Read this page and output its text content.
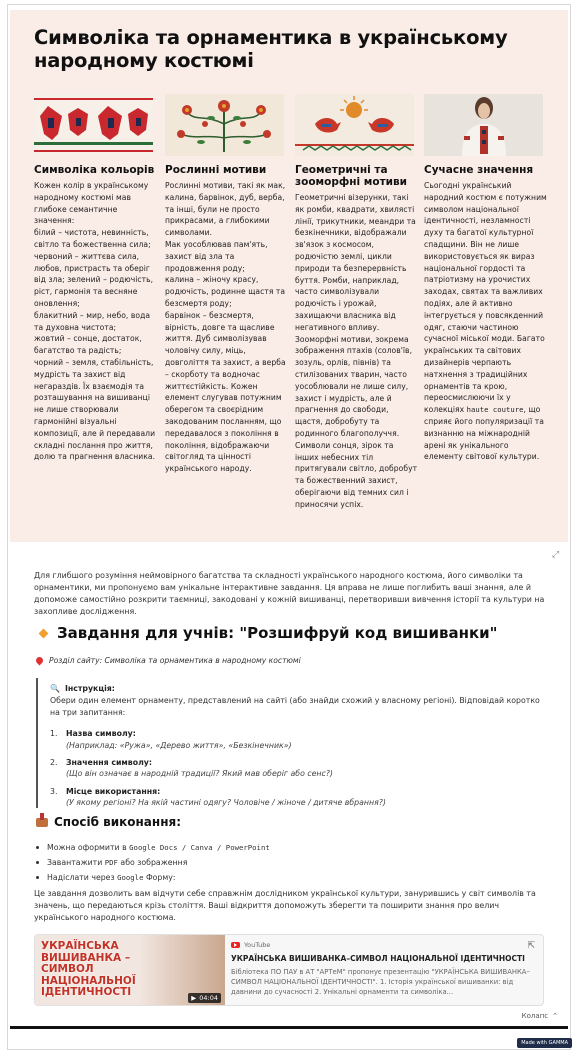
Символіка та орнаментика в українському народному костюмі
Символіка кольорів

Кожен колір в українському народному костюмі мав глибоке семантичне значення:
білий – чистота, невинність, світло та божественна сила;
червоний – життєва сила, любов, пристрасть та оберіг від зла; зелений – родючість, ріст, гармонія та весняне оновлення;
блакитний – мир, небо, вода та духовна чистота;
жовтий – сонце, достаток, багатство та радість;
чорний – земля, стабільність, мудрість та захист від негараздів. Їх взаємодія та розташування на вишиванці не лише створювали гармонійні візуальні композиції, але й передавали складні послання про життя, долю та прагнення власника.

Рослинні мотиви

Рослинні мотиви, такі як мак, калина, барвінок, дуб, верба, та інші, були не просто прикрасами, а глибокими символами.
Мак уособлював пам'ять, захист від зла та продовження роду;
калина – жіночу красу, родючість, родинне щастя та безсмертя роду;
барвінок – безсмертя, вірність, довге та щасливе життя. Дуб символізував чоловічу силу, міць, довголіття та захист, а верба – скорботу та водночас життєстійкість. Кожен елемент слугував потужним оберегом та своєрідним закодованим посланням, що передавалося з покоління в покоління, відображаючи світогляд та цінності українського народу.

Геометричні та зооморфні мотиви

Геометричні візерунки, такі як ромби, квадрати, хвилясті лінії, трикутники, меандри та безкінечники, відображали зв'язок з космосом, родючістю землі, цикли природи та безперервність буття. Ромби, наприклад, часто символізували родючість і урожай, захищаючи власника від негативного впливу. Зооморфні мотиви, зокрема зображення птахів (солов'їв, зозуль, орлів, півнів) та стилізованих тварин, часто уособлювали не лише силу, захист і мудрість, але й прагнення до свободи, щастя, добробуту та родинного благополуччя. Символи сонця, зірок та інших небесних тіл притягували світло, добробут та божественний захист, оберігаючи від темних сил і приносячи успіх.

Сучасне значення

Сьогодні український народний костюм є потужним символом національної ідентичності, незламності духу та багатої культурної спадщини. Він не лише використовується як вираз національної гордості та патріотизму на урочистих заходах, святах та важливих подіях, але й активно інтегрується у повсякденний одяг, стаючи частиною сучасної міської моди. Багато українських та світових дизайнерів черпають натхнення з традиційних орнаментів та крою, переосмислюючи їх у колекціях haute couture, що сприяє його популяризації та визнанню на міжнародній арені як унікального елементу світової культури.

⤢
Для глибшого розуміння неймовірного багатства та складності українського народного костюма, його символіки та орнаментики, ми пропонуємо вам унікальне інтерактивне завдання. Ця вправа не лише поглибить ваші знання, але й допоможе самостійно розкрити таємниці, закодовані у кожній вишиванці, перетворивши вивчення історії та культури на захопливе дослідження.
Завдання для учнів: "Розшифруй код вишиванки"
Розділ сайту: Символіка та орнаментика в народному костюмі
🔍 Інструкція:
Обери один елемент орнаменту, представлений на сайті (або знайди схожий у власному регіоні). Відповідай коротко на три запитання:
1.	Назва символу:
(Наприклад: «Ружа», «Дерево життя», «Безкінечник»)
2.	Значення символу:
(Що він означає в народній традиції? Який мав оберіг або сенс?)
3.	Місце використання:
(У якому регіоні? На якій частині одягу? Чоловіче / жіноче / дитяче вбрання?)
Спосіб виконання:
Можна оформити в Google Docs / Canva / PowerPoint
Завантажити PDF або зображення
Надіслати через Google Форму:
Це завдання дозволить вам відчути себе справжнім дослідником української культури, занурившись у світ символів та значень, що передаються крізь століття. Ваші відкриття допоможуть зберегти та поширити знання про велич українського народного костюма.
УКРАЇНСЬКА ВИШИВАНКА – СИМВОЛ НАЦІОНАЛЬНОЇ ІДЕНТИЧНОСТІ	▶ 04:04
YouTube
УКРАЇНСЬКА ВИШИВАНКА–СИМВОЛ НАЦІОНАЛЬНОЇ ІДЕНТИЧНОСТІ
Бібліотека ПО ПАУ в АТ "АРТеМ" пропонує презентацію "УКРАЇНСЬКА ВИШИВАНКА–СИМВОЛ НАЦІОНАЛЬНОЇ ІДЕНТИЧНОСТІ". 1. Історія української вишиванки: від давнини до сучасності 2. Унікальні орнаменти та символіка...
⇱
Колапс ⌃
Made with GAMMA
